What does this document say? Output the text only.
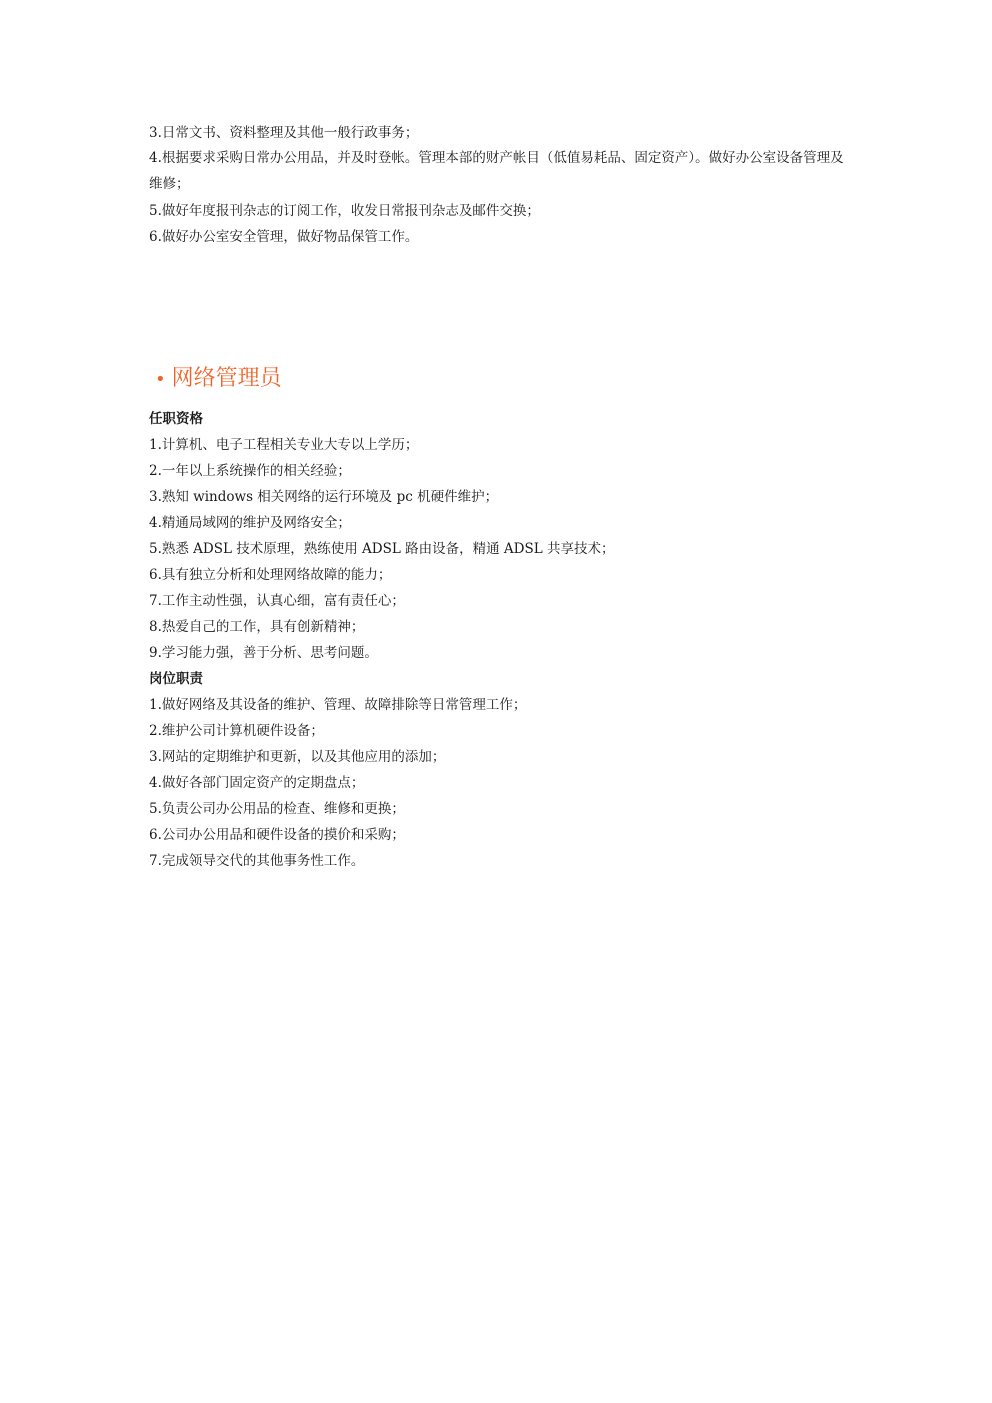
3.日常文书、资料整理及其他一般行政事务；
4.根据要求采购日常办公用品，并及时登帐。管理本部的财产帐目（低值易耗品、固定资产）。做好办公室设备管理及维修；
5.做好年度报刊杂志的订阅工作，收发日常报刊杂志及邮件交换；
6.做好办公室安全管理，做好物品保管工作。
• 网络管理员
任职资格
1.计算机、电子工程相关专业大专以上学历；
2.一年以上系统操作的相关经验；
3.熟知 windows 相关网络的运行环境及 pc 机硬件维护；
4.精通局域网的维护及网络安全；
5.熟悉 ADSL 技术原理，熟练使用 ADSL 路由设备，精通 ADSL 共享技术；
6.具有独立分析和处理网络故障的能力；
7.工作主动性强，认真心细，富有责任心；
8.热爱自己的工作，具有创新精神；
9.学习能力强，善于分析、思考问题。
岗位职责
1.做好网络及其设备的维护、管理、故障排除等日常管理工作；
2.维护公司计算机硬件设备；
3.网站的定期维护和更新，以及其他应用的添加；
4.做好各部门固定资产的定期盘点；
5.负责公司办公用品的检查、维修和更换；
6.公司办公用品和硬件设备的摸价和采购；
7.完成领导交代的其他事务性工作。
